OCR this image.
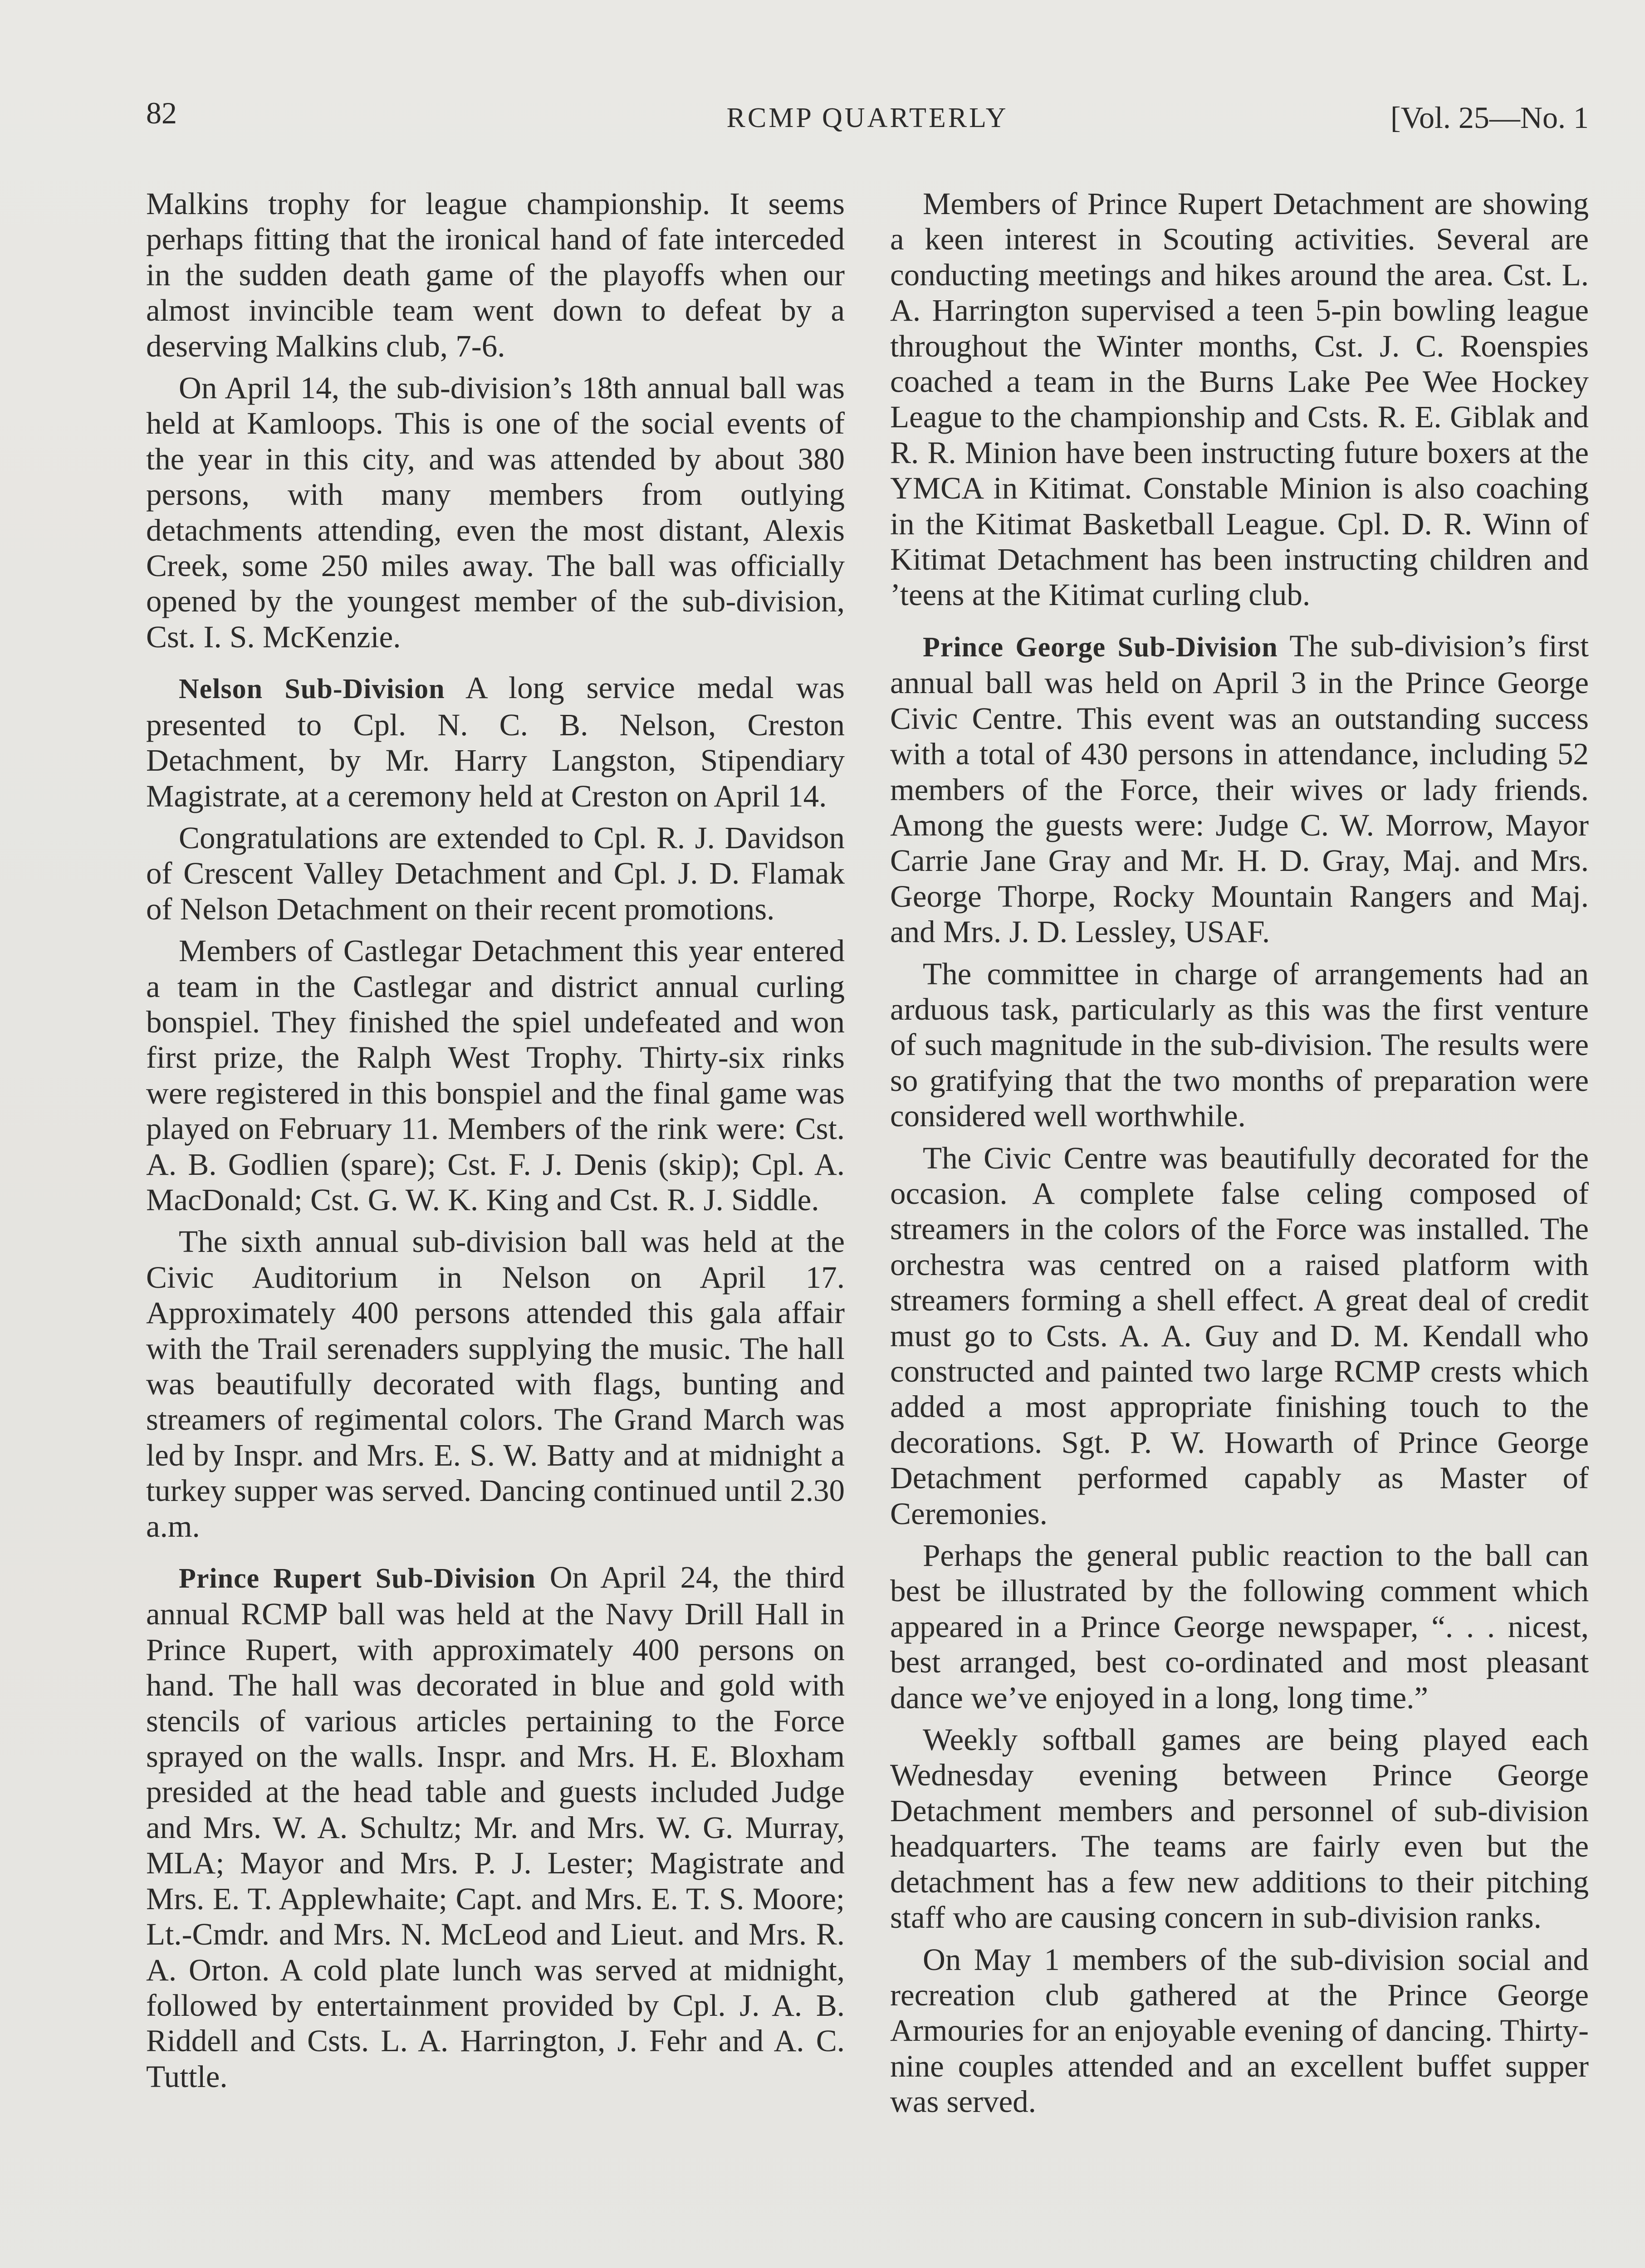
82	RCMP QUARTERLY	[Vol. 25—No. 1

Malkins trophy for league championship. It seems perhaps fitting that the ironical hand of fate interceded in the sudden death game of the playoffs when our almost invincible team went down to defeat by a deserving Malkins club, 7-6.

On April 14, the sub-division’s 18th annual ball was held at Kamloops. This is one of the social events of the year in this city, and was attended by about 380 persons, with many members from outlying detachments attending, even the most distant, Alexis Creek, some 250 miles away. The ball was officially opened by the youngest member of the sub-division, Cst. I. S. McKenzie.

Nelson Sub-Division A long service medal was presented to Cpl. N. C. B. Nelson, Creston Detachment, by Mr. Harry Langston, Stipendiary Magistrate, at a ceremony held at Creston on April 14.

Congratulations are extended to Cpl. R. J. Davidson of Crescent Valley Detachment and Cpl. J. D. Flamak of Nelson Detachment on their recent promotions.

Members of Castlegar Detachment this year entered a team in the Castlegar and district annual curling bonspiel. They finished the spiel undefeated and won first prize, the Ralph West Trophy. Thirty-six rinks were registered in this bonspiel and the final game was played on February 11. Members of the rink were: Cst. A. B. Godlien (spare); Cst. F. J. Denis (skip); Cpl. A. MacDonald; Cst. G. W. K. King and Cst. R. J. Siddle.

The sixth annual sub-division ball was held at the Civic Auditorium in Nelson on April 17. Approximately 400 persons attended this gala affair with the Trail serenaders supplying the music. The hall was beautifully decorated with flags, bunting and streamers of regimental colors. The Grand March was led by Inspr. and Mrs. E. S. W. Batty and at midnight a turkey supper was served. Dancing continued until 2.30 a.m.

Prince Rupert Sub-Division On April 24, the third annual RCMP ball was held at the Navy Drill Hall in Prince Rupert, with approximately 400 persons on hand. The hall was decorated in blue and gold with stencils of various articles pertaining to the Force sprayed on the walls. Inspr. and Mrs. H. E. Bloxham presided at the head table and guests included Judge and Mrs. W. A. Schultz; Mr. and Mrs. W. G. Murray, MLA; Mayor and Mrs. P. J. Lester; Magistrate and Mrs. E. T. Applewhaite; Capt. and Mrs. E. T. S. Moore; Lt.-Cmdr. and Mrs. N. McLeod and Lieut. and Mrs. R. A. Orton. A cold plate lunch was served at midnight, followed by entertainment provided by Cpl. J. A. B. Riddell and Csts. L. A. Harrington, J. Fehr and A. C. Tuttle.

Members of Prince Rupert Detachment are showing a keen interest in Scouting activities. Several are conducting meetings and hikes around the area. Cst. L. A. Harrington supervised a teen 5-pin bowling league throughout the Winter months, Cst. J. C. Roenspies coached a team in the Burns Lake Pee Wee Hockey League to the championship and Csts. R. E. Giblak and R. R. Minion have been instructing future boxers at the YMCA in Kitimat. Constable Minion is also coaching in the Kitimat Basketball League. Cpl. D. R. Winn of Kitimat Detachment has been instructing children and ’teens at the Kitimat curling club.

Prince George Sub-Division The sub-division’s first annual ball was held on April 3 in the Prince George Civic Centre. This event was an outstanding success with a total of 430 persons in attendance, including 52 members of the Force, their wives or lady friends. Among the guests were: Judge C. W. Morrow, Mayor Carrie Jane Gray and Mr. H. D. Gray, Maj. and Mrs. George Thorpe, Rocky Mountain Rangers and Maj. and Mrs. J. D. Lessley, USAF.

The committee in charge of arrangements had an arduous task, particularly as this was the first venture of such magnitude in the sub-division. The results were so gratifying that the two months of preparation were considered well worthwhile.

The Civic Centre was beautifully decorated for the occasion. A complete false celing composed of streamers in the colors of the Force was installed. The orchestra was centred on a raised platform with streamers forming a shell effect. A great deal of credit must go to Csts. A. A. Guy and D. M. Kendall who constructed and painted two large RCMP crests which added a most appropriate finishing touch to the decorations. Sgt. P. W. Howarth of Prince George Detachment performed capably as Master of Ceremonies.

Perhaps the general public reaction to the ball can best be illustrated by the following comment which appeared in a Prince George newspaper, “. . . nicest, best arranged, best co-ordinated and most pleasant dance we’ve enjoyed in a long, long time.”

Weekly softball games are being played each Wednesday evening between Prince George Detachment members and personnel of sub-division headquarters. The teams are fairly even but the detachment has a few new additions to their pitching staff who are causing concern in sub-division ranks.

On May 1 members of the sub-division social and recreation club gathered at the Prince George Armouries for an enjoyable evening of dancing. Thirty-nine couples attended and an excellent buffet supper was served.
